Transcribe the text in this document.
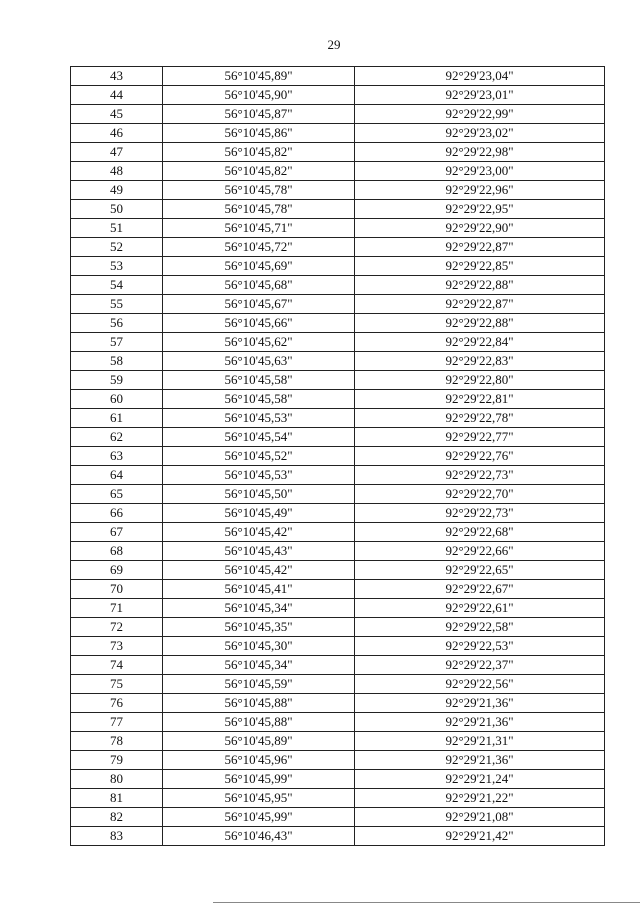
29
43	56°10'45,89"	92°29'23,04"
44	56°10'45,90"	92°29'23,01"
45	56°10'45,87"	92°29'22,99"
46	56°10'45,86"	92°29'23,02"
47	56°10'45,82"	92°29'22,98"
48	56°10'45,82"	92°29'23,00"
49	56°10'45,78"	92°29'22,96"
50	56°10'45,78"	92°29'22,95"
51	56°10'45,71"	92°29'22,90"
52	56°10'45,72"	92°29'22,87"
53	56°10'45,69"	92°29'22,85"
54	56°10'45,68"	92°29'22,88"
55	56°10'45,67"	92°29'22,87"
56	56°10'45,66"	92°29'22,88"
57	56°10'45,62"	92°29'22,84"
58	56°10'45,63"	92°29'22,83"
59	56°10'45,58"	92°29'22,80"
60	56°10'45,58"	92°29'22,81"
61	56°10'45,53"	92°29'22,78"
62	56°10'45,54"	92°29'22,77"
63	56°10'45,52"	92°29'22,76"
64	56°10'45,53"	92°29'22,73"
65	56°10'45,50"	92°29'22,70"
66	56°10'45,49"	92°29'22,73"
67	56°10'45,42"	92°29'22,68"
68	56°10'45,43"	92°29'22,66"
69	56°10'45,42"	92°29'22,65"
70	56°10'45,41"	92°29'22,67"
71	56°10'45,34"	92°29'22,61"
72	56°10'45,35"	92°29'22,58"
73	56°10'45,30"	92°29'22,53"
74	56°10'45,34"	92°29'22,37"
75	56°10'45,59"	92°29'22,56"
76	56°10'45,88"	92°29'21,36"
77	56°10'45,88"	92°29'21,36"
78	56°10'45,89"	92°29'21,31"
79	56°10'45,96"	92°29'21,36"
80	56°10'45,99"	92°29'21,24"
81	56°10'45,95"	92°29'21,22"
82	56°10'45,99"	92°29'21,08"
83	56°10'46,43"	92°29'21,42"
